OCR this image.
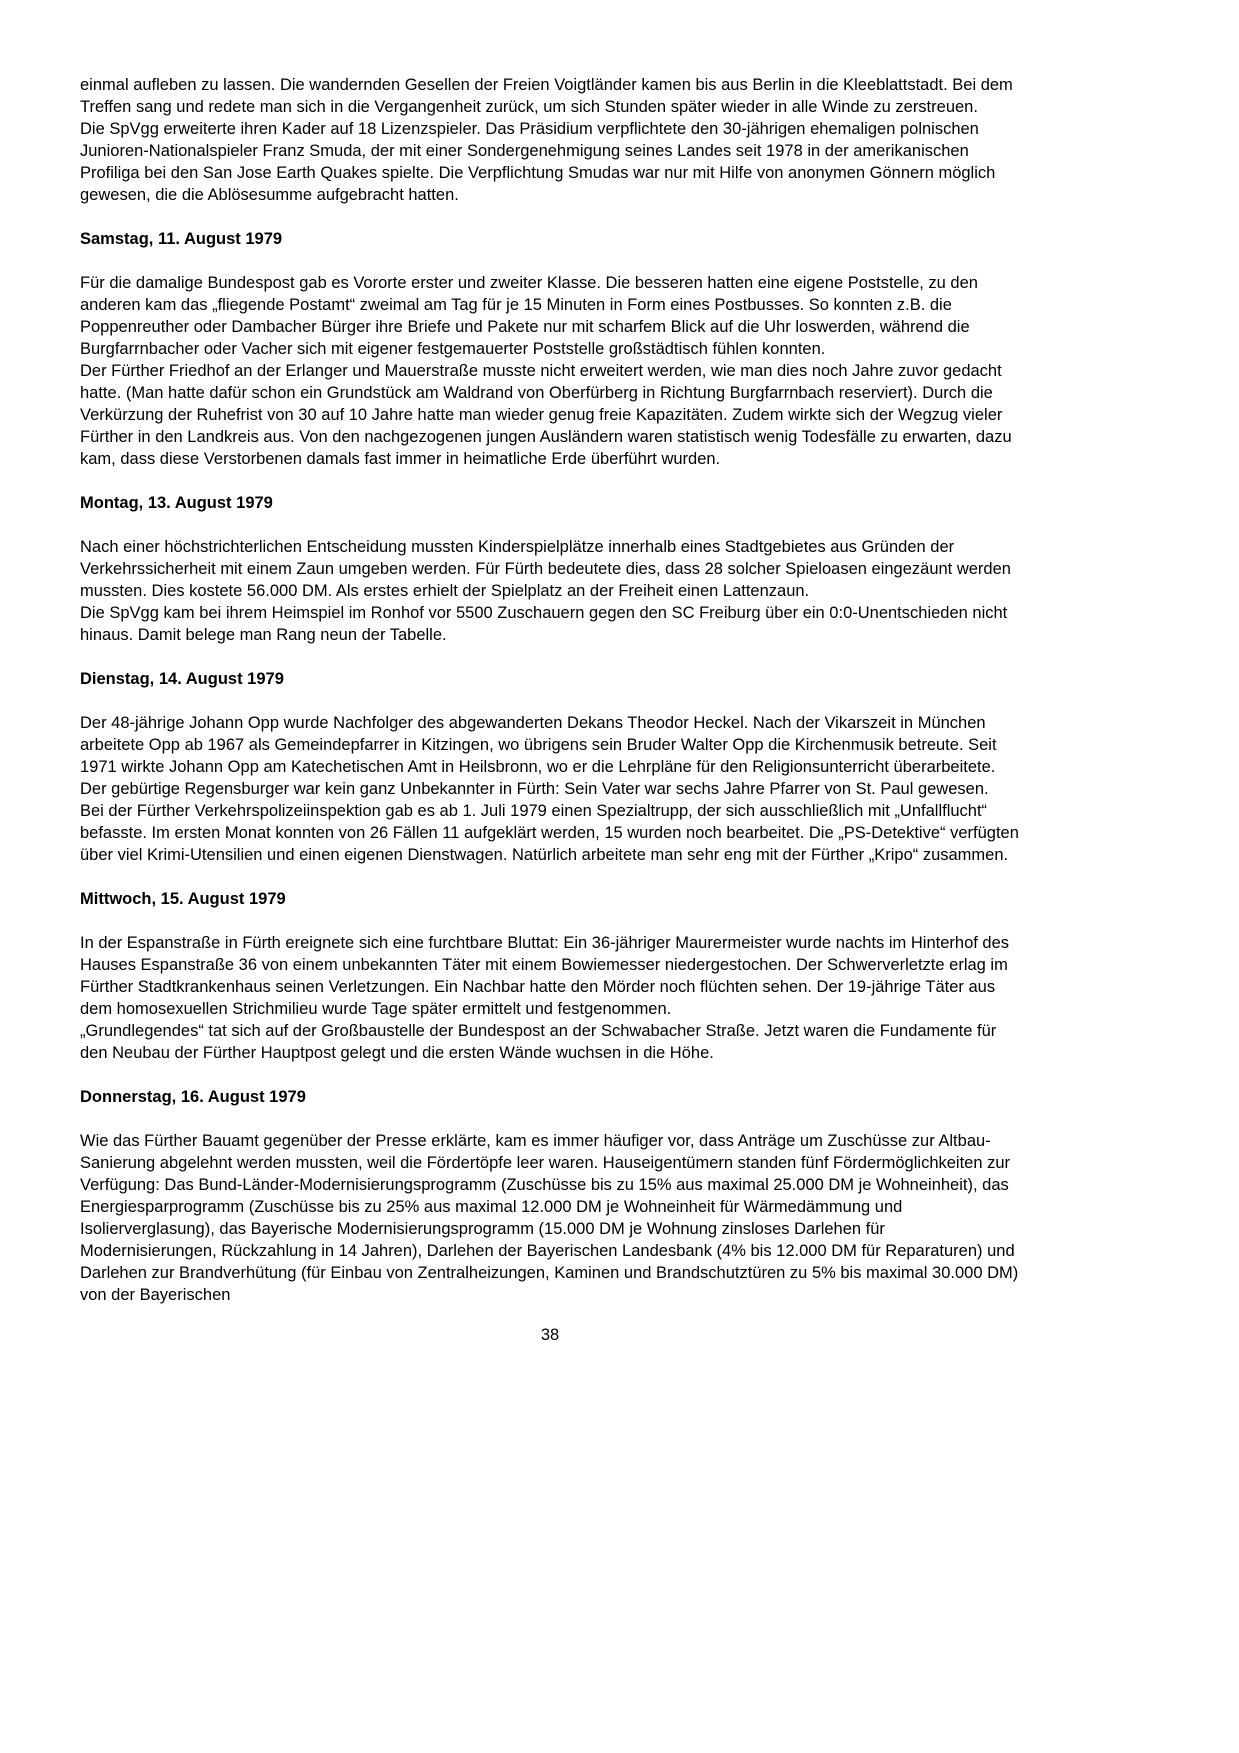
einmal aufleben zu lassen. Die wandernden Gesellen der Freien Voigtländer kamen bis aus Berlin in die Kleeblattstadt. Bei dem Treffen sang und redete man sich in die Vergangenheit zurück, um sich Stunden später wieder in alle Winde zu zerstreuen.

Die SpVgg erweiterte ihren Kader auf 18 Lizenzspieler. Das Präsidium verpflichtete den 30-jährigen ehemaligen polnischen Junioren-Nationalspieler Franz Smuda, der mit einer Sondergenehmigung seines Landes seit 1978 in der amerikanischen Profiliga bei den San Jose Earth Quakes spielte. Die Verpflichtung Smudas war nur mit Hilfe von anonymen Gönnern möglich gewesen, die die Ablösesumme aufgebracht hatten.

Samstag, 11. August 1979

Für die damalige Bundespost gab es Vororte erster und zweiter Klasse. Die besseren hatten eine eigene Poststelle, zu den anderen kam das „fliegende Postamt“ zweimal am Tag für je 15 Minuten in Form eines Postbusses. So konnten z.B. die Poppenreuther oder Dambacher Bürger ihre Briefe und Pakete nur mit scharfem Blick auf die Uhr loswerden, während die Burgfarrnbacher oder Vacher sich mit eigener festgemauerter Poststelle großstädtisch fühlen konnten.

Der Fürther Friedhof an der Erlanger und Mauerstraße musste nicht erweitert werden, wie man dies noch Jahre zuvor gedacht hatte. (Man hatte dafür schon ein Grundstück am Waldrand von Oberfürberg in Richtung Burgfarrnbach reserviert). Durch die Verkürzung der Ruhefrist von 30 auf 10 Jahre hatte man wieder genug freie Kapazitäten. Zudem wirkte sich der Wegzug vieler Fürther in den Landkreis aus. Von den nachgezogenen jungen Ausländern waren statistisch wenig Todesfälle zu erwarten, dazu kam, dass diese Verstorbenen damals fast immer in heimatliche Erde überführt wurden.

Montag, 13. August 1979

Nach einer höchstrichterlichen Entscheidung mussten Kinderspielplätze innerhalb eines Stadtgebietes aus Gründen der Verkehrssicherheit mit einem Zaun umgeben werden. Für Fürth bedeutete dies, dass 28 solcher Spieloasen eingezäunt werden mussten. Dies kostete 56.000 DM. Als erstes erhielt der Spielplatz an der Freiheit einen Lattenzaun.

Die SpVgg kam bei ihrem Heimspiel im Ronhof vor 5500 Zuschauern gegen den SC Freiburg über ein 0:0-Unentschieden nicht hinaus. Damit belege man Rang neun der Tabelle.

Dienstag, 14. August 1979

Der 48-jährige Johann Opp wurde Nachfolger des abgewanderten Dekans Theodor Heckel. Nach der Vikarszeit in München arbeitete Opp ab 1967 als Gemeindepfarrer in Kitzingen, wo übrigens sein Bruder Walter Opp die Kirchenmusik betreute. Seit 1971 wirkte Johann Opp am Katechetischen Amt in Heilsbronn, wo er die Lehrpläne für den Religionsunterricht überarbeitete. Der gebürtige Regensburger war kein ganz Unbekannter in Fürth: Sein Vater war sechs Jahre Pfarrer von St. Paul gewesen.

Bei der Fürther Verkehrspolizeiinspektion gab es ab 1. Juli 1979 einen Spezialtrupp, der sich ausschließlich mit „Unfallflucht“ befasste. Im ersten Monat konnten von 26 Fällen 11 aufgeklärt werden, 15 wurden noch bearbeitet. Die „PS-Detektive“ verfügten über viel Krimi-Utensilien und einen eigenen Dienstwagen. Natürlich arbeitete man sehr eng mit der Fürther „Kripo“ zusammen.

Mittwoch, 15. August 1979

In der Espanstraße in Fürth ereignete sich eine furchtbare Bluttat: Ein 36-jähriger Maurermeister wurde nachts im Hinterhof des Hauses Espanstraße 36 von einem unbekannten Täter mit einem Bowiemesser niedergestochen. Der Schwerverletzte erlag im Fürther Stadtkrankenhaus seinen Verletzungen. Ein Nachbar hatte den Mörder noch flüchten sehen. Der 19-jährige Täter aus dem homosexuellen Strichmilieu wurde Tage später ermittelt und festgenommen.

„Grundlegendes“ tat sich auf der Großbaustelle der Bundespost an der Schwabacher Straße. Jetzt waren die Fundamente für den Neubau der Fürther Hauptpost gelegt und die ersten Wände wuchsen in die Höhe.

Donnerstag, 16. August 1979

Wie das Fürther Bauamt gegenüber der Presse erklärte, kam es immer häufiger vor, dass Anträge um Zuschüsse zur Altbau-Sanierung abgelehnt werden mussten, weil die Fördertöpfe leer waren. Hauseigentümern standen fünf Fördermöglichkeiten zur Verfügung: Das Bund-Länder-Modernisierungsprogramm (Zuschüsse bis zu 15% aus maximal 25.000 DM je Wohneinheit), das Energiesparprogramm (Zuschüsse bis zu 25% aus maximal 12.000 DM je Wohneinheit für Wärmedämmung und Isolierverglasung), das Bayerische Modernisierungsprogramm (15.000 DM je Wohnung zinsloses Darlehen für Modernisierungen, Rückzahlung in 14 Jahren), Darlehen der Bayerischen Landesbank (4% bis 12.000 DM für Reparaturen) und Darlehen zur Brandverhütung (für Einbau von Zentralheizungen, Kaminen und Brandschutztüren zu 5% bis maximal 30.000 DM) von der Bayerischen

38
